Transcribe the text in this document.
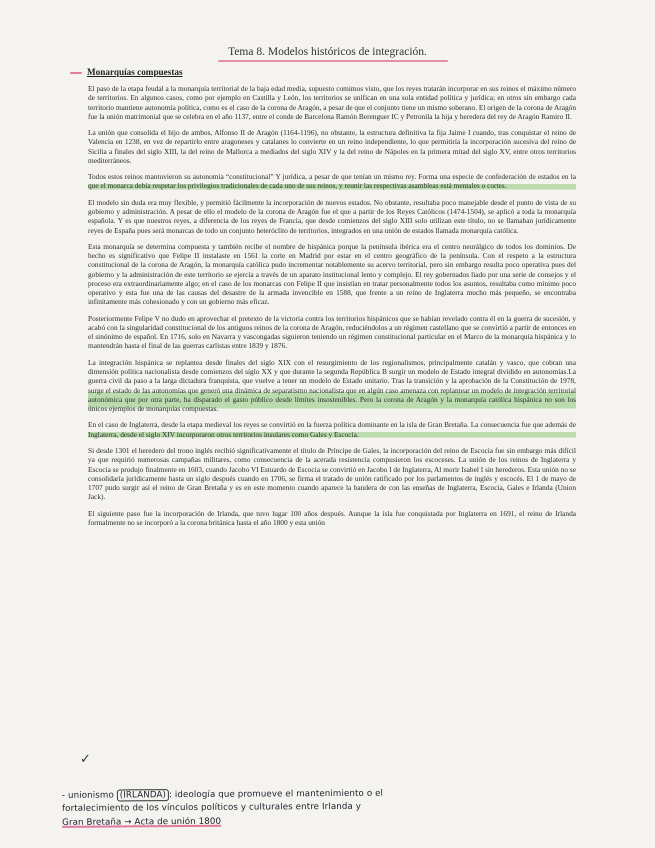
Tema 8. Modelos históricos de integración.
Monarquías compuestas

El paso de la etapa feudal a la monarquía territorial de la baja edad media, supuesto comimos visto, que los reyes tratarán incorporar en sus reinos el máximo número de territorios. En algunos casos, como por ejemplo en Castilla y León, los territorios se unifican en una sola entidad política y jurídica; en otros sin embargo cada territorio mantiene autonomía política, como es el caso de la corona de Aragón, a pesar de que el conjunto tiene un mismo soberano. El origen de la corona de Aragón fue la unión matrimonial que se celebra en el año 1137, entre el conde de Barcelona Ramón Berenguer IC y Petronila la hija y heredera del rey de Aragón Ramiro II.

La unión que consolida el hijo de ambos, Alfonso II de Aragón (1164-1196), no obstante, la estructura definitiva la fija Jaime I cuando, tras conquistar el reino de Valencia en 1238, en vez de repartirlo entre aragoneses y catalanes lo convierte en un reino independiente, lo que permitiría la incorporación sucesiva del reino de Sicilia a finales del siglo XIII, la del reino de Mallorca a mediados del siglo XIV y la del reino de Nápoles en la primera mitad del siglo XV, entre otros territorios mediterráneos.

Todos estos reinos mantuvieron su autonomía “constitucional” Y jurídica, a pesar de que tenían un mismo rey. Forma una especie de confederación de estados en la que el monarca debía respetar los privilegios tradicionales de cada uno de sus reinos, y reunir las respectivas asambleas está mentales o cortes.

El modelo sin duda era muy flexible, y permitió fácilmente la incorporación de nuevos estados. No obstante, resultaba poco manejable desde el punto de vista de su gobierno y administración. A pesar de ello el modelo de la corona de Aragón fue el que a partir de los Reyes Católicos (1474-1504), se aplicó a toda la monarquía española. Y es que nuestros reyes, a diferencia de los reyes de Francia, que desde comienzos del siglo XIII solo utilizan este título, no se llamaban jurídicamente reyes de España pues será monarcas de todo un conjunto heteróclito de territorios, integrados en una unión de estados llamada monarquía católica.

Esta monarquía se determina compuesta y también recibe el nombre de hispánica porque la península ibérica era el centro neurálgico de todos los dominios. De hecho es significativo que Felipe II instalaste en 1561 la corte en Madrid por estar en el centro geográfico de la península. Con el respeto a la estructura constitucional de la corona de Aragón, la monarquía católica pudo incrementar notablemente su acervo territorial, pero sin embargo resulta poco operativa pues del gobierno y la administración de este territorio se ejercía a través de un aparato institucional lento y complejo. El rey gobernados liado por una serie de consejos y el proceso era extraordinariamente algo; en el caso de los monarcas con Felipe II que insistían en tratar personalmente todos los asuntos, resultaba como mínimo poco operativo y esta fue una de las causas del desastre de la armada invencible en 1588, que frente a un reino de Inglaterra mucho más pequeño, se encontraba infinitamente más cohesionado y con un gobierno más eficaz.

Posteriormente Felipe V no dudo en aprovechar el pretexto de la victoria contra los territorios hispánicos que se habían revelado contra él en la guerra de sucesión, y acabó con la singularidad constitucional de los antiguos reinos de la corona de Aragón, reduciéndolos a un régimen castellano que se convirtió a partir de entonces en el sinónimo de español. En 1716, solo en Navarra y vascongadas siguieron teniendo un régimen constitucional particular en el Marco de la monarquía hispánica y lo mantendrán hasta el final de las guerras carlistas entre 1839 y 1876.

La integración hispánica se replantea desde finales del siglo XIX con el resurgimiento de los regionalismos, principalmente catalán y vasco, que cobran una dimensión política nacionalista desde comienzos del siglo XX y que durante la segunda República B surgir un modelo de Estado integral dividido en autonomías.La guerra civil da paso a la larga dictadura franquista, que vuelve a tener un modelo de Estado unitario. Tras la transición y la aprobación de la Constitución de 1978, surge el estado de las autonomías que generó una dinámica de separatismo nacionalista que en algún caso amenaza con replantear un modelo de integración territorial autonómica que por otra parte, ha disparado el gasto público desde límites insostenibles. Pero la corona de Aragón y la monarquía católica hispánica no son los únicos ejemplos de monarquías compuestas.

En el caso de Inglaterra, desde la etapa medieval los reyes se convirtió en la fuerza política dominante en la isla de Gran Bretaña. La consecuencia fue que además de Inglaterra, desde el siglo XIV incorporaron otros territorios insulares como Gales y Escocia.

Si desde 1301 el heredero del trono inglés recibió significativamente el título de Príncipe de Gales, la incorporación del reino de Escocia fue sin embargo más difícil ya que requirió numerosas campañas militares, como consecuencia de la acerada resistencia compusieron los escoceses. La unión de los reinos de Inglaterra y Escocia se produjo finalmente en 1603, cuando Jacobo VI Estuardo de Escocia se convirtió en Jacobo I de Inglaterra, Al morir Isabel I sin herederos. Esta unión no se consolidaría jurídicamente hasta un siglo después cuando en 1706, se firma el tratado de unión ratificado por los parlamentos de inglés y escocés. El 1 de mayo de 1707 pudo surgir así el reino de Gran Bretaña y es en este momento cuando aparece la bandera de con las enseñas de Inglaterra, Escocia, Gales e Irlanda (Union Jack).

El siguiente paso fue la incorporación de Irlanda, que tuvo lugar 100 años después. Aunque la isla fue conquistada por Inglaterra en 1691, el reino de Irlanda formalmente no se incorporó a la corona británica hasta el año 1800 y esta unión

✓
- unionismo (IRLANDA) : ideología que promueve el mantenimiento o el
fortalecimiento de los vínculos políticos y culturales entre Irlanda y
Gran Bretaña → Acta de unión 1800
